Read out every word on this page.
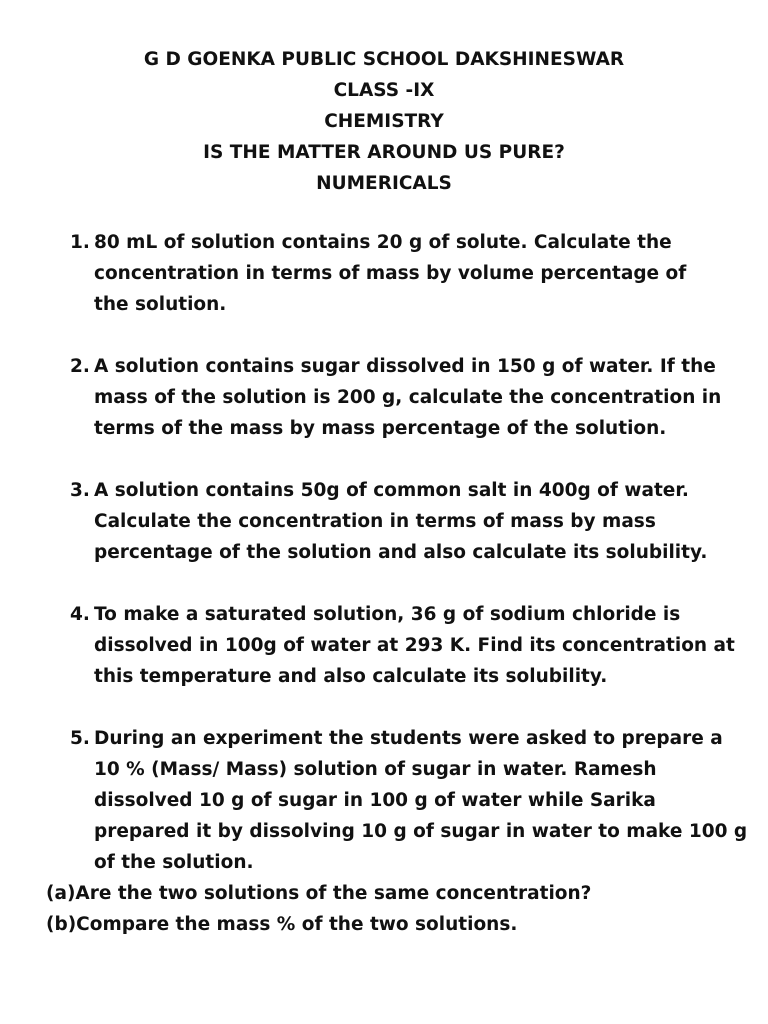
G D GOENKA PUBLIC SCHOOL DAKSHINESWAR
CLASS -IX
CHEMISTRY
IS THE MATTER AROUND US PURE?
NUMERICALS
1. 80 mL of solution contains 20 g of solute. Calculate the
concentration in terms of mass by volume percentage of
the solution.
2. A solution contains sugar dissolved in 150 g of water. If the
mass of the solution is 200 g, calculate the concentration in
terms of the mass by mass percentage of the solution.
3. A solution contains 50g of common salt in 400g of water.
Calculate the concentration in terms of mass by mass
percentage of the solution and also calculate its solubility.
4. To make a saturated solution, 36 g of sodium chloride is
dissolved in 100g of water at 293 K. Find its concentration at
this temperature and also calculate its solubility.
5. During an experiment the students were asked to prepare a
10 % (Mass/ Mass) solution of sugar in water. Ramesh
dissolved 10 g of sugar in 100 g of water while Sarika
prepared it by dissolving 10 g of sugar in water to make 100 g
of the solution.
(a)Are the two solutions of the same concentration?
(b)Compare the mass % of the two solutions.
